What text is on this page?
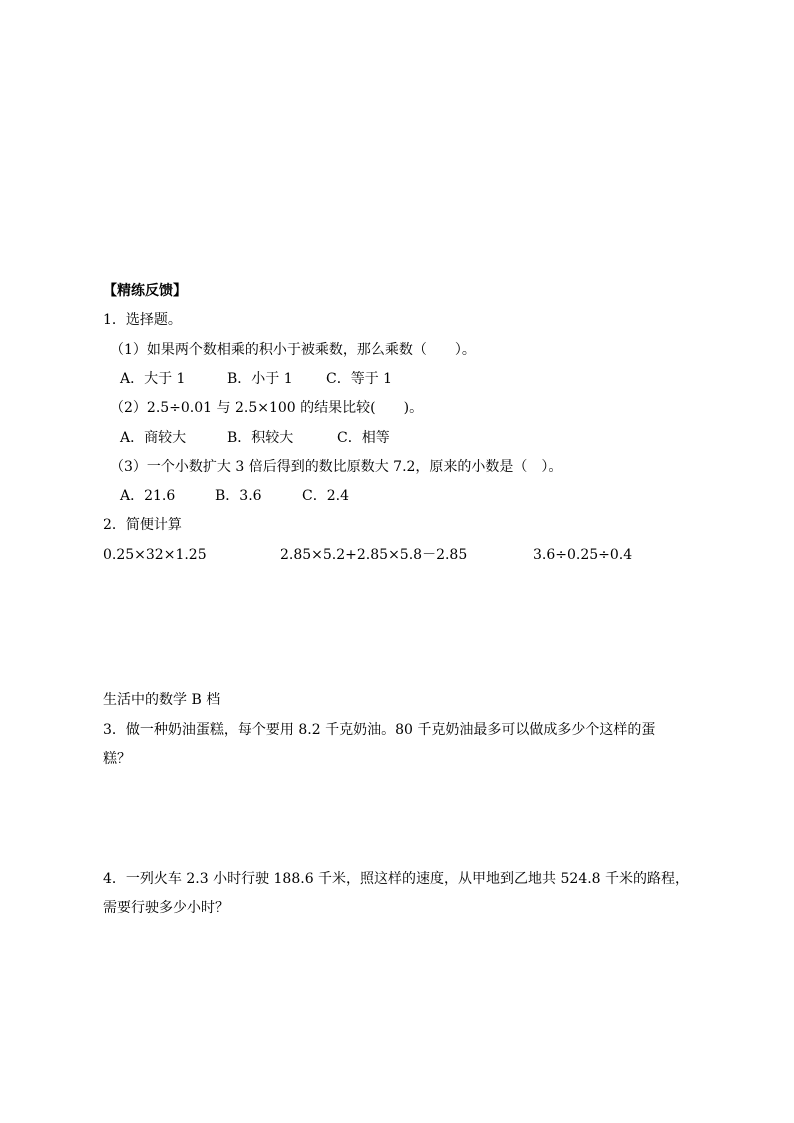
【精练反馈】
1．选择题。
（1）如果两个数相乘的积小于被乘数，那么乘数（　　）。
A．大于 1	B．小于 1 C．等于 1
（2）2.5÷0.01 与 2.5×100 的结果比较(　　)。
A．商较大	B．积较大	C．相等
（3）一个小数扩大 3 倍后得到的数比原数大 7.2，原来的小数是（　）。
A．21.6	B．3.6	C．2.4
2．简便计算
0.25×32×1.25	2.85×5.2+2.85×5.8－2.85	3.6÷0.25÷0.4
生活中的数学 B 档
3．做一种奶油蛋糕，每个要用 8.2 千克奶油。80 千克奶油最多可以做成多少个这样的蛋
糕？
4．一列火车 2.3 小时行驶 188.6 千米，照这样的速度，从甲地到乙地共 524.8 千米的路程，
需要行驶多少小时？
